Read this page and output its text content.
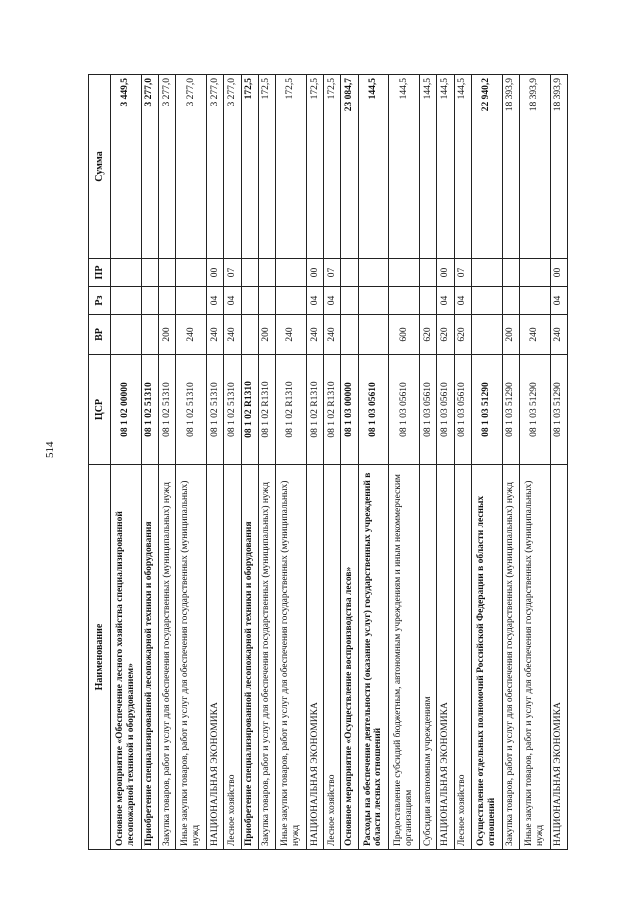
514
Наименование	ЦСР	ВР	Рз	ПР	Сумма
Основное мероприятие «Обеспечение лесного хозяйства специализированной лесопожарной техникой и оборудованием»	08 1 02 00000				3 449,5
Приобретение специализированной лесопожарной техники и оборудования	08 1 02 51310				3 277,0
Закупка товаров, работ и услуг для обеспечения государственных (муниципальных) нужд	08 1 02 51310	200			3 277,0
Иные закупки товаров, работ и услуг для обеспечения государственных (муниципальных) нужд	08 1 02 51310	240			3 277,0
НАЦИОНАЛЬНАЯ ЭКОНОМИКА	08 1 02 51310	240	04	00	3 277,0
Лесное хозяйство	08 1 02 51310	240	04	07	3 277,0
Приобретение специализированной лесопожарной техники и оборудования	08 1 02 R1310				172,5
Закупка товаров, работ и услуг для обеспечения государственных (муниципальных) нужд	08 1 02 R1310	200			172,5
Иные закупки товаров, работ и услуг для обеспечения государственных (муниципальных) нужд	08 1 02 R1310	240			172,5
НАЦИОНАЛЬНАЯ ЭКОНОМИКА	08 1 02 R1310	240	04	00	172,5
Лесное хозяйство	08 1 02 R1310	240	04	07	172,5
Основное мероприятие «Осуществление воспроизводства лесов»	08 1 03 00000				23 084,7
Расходы на обеспечение деятельности (оказание услуг) государственных учреждений в области лесных отношений	08 1 03 05610				144,5
Предоставление субсидий бюджетным, автономным учреждениям и иным некоммерческим организациям	08 1 03 05610	600			144,5
Субсидии автономным учреждениям	08 1 03 05610	620			144,5
НАЦИОНАЛЬНАЯ ЭКОНОМИКА	08 1 03 05610	620	04	00	144,5
Лесное хозяйство	08 1 03 05610	620	04	07	144,5
Осуществление отдельных полномочий Российской Федерации в области лесных отношений	08 1 03 51290				22 940,2
Закупка товаров, работ и услуг для обеспечения государственных (муниципальных) нужд	08 1 03 51290	200			18 393,9
Иные закупки товаров, работ и услуг для обеспечения государственных (муниципальных) нужд	08 1 03 51290	240			18 393,9
НАЦИОНАЛЬНАЯ ЭКОНОМИКА	08 1 03 51290	240	04	00	18 393,9
